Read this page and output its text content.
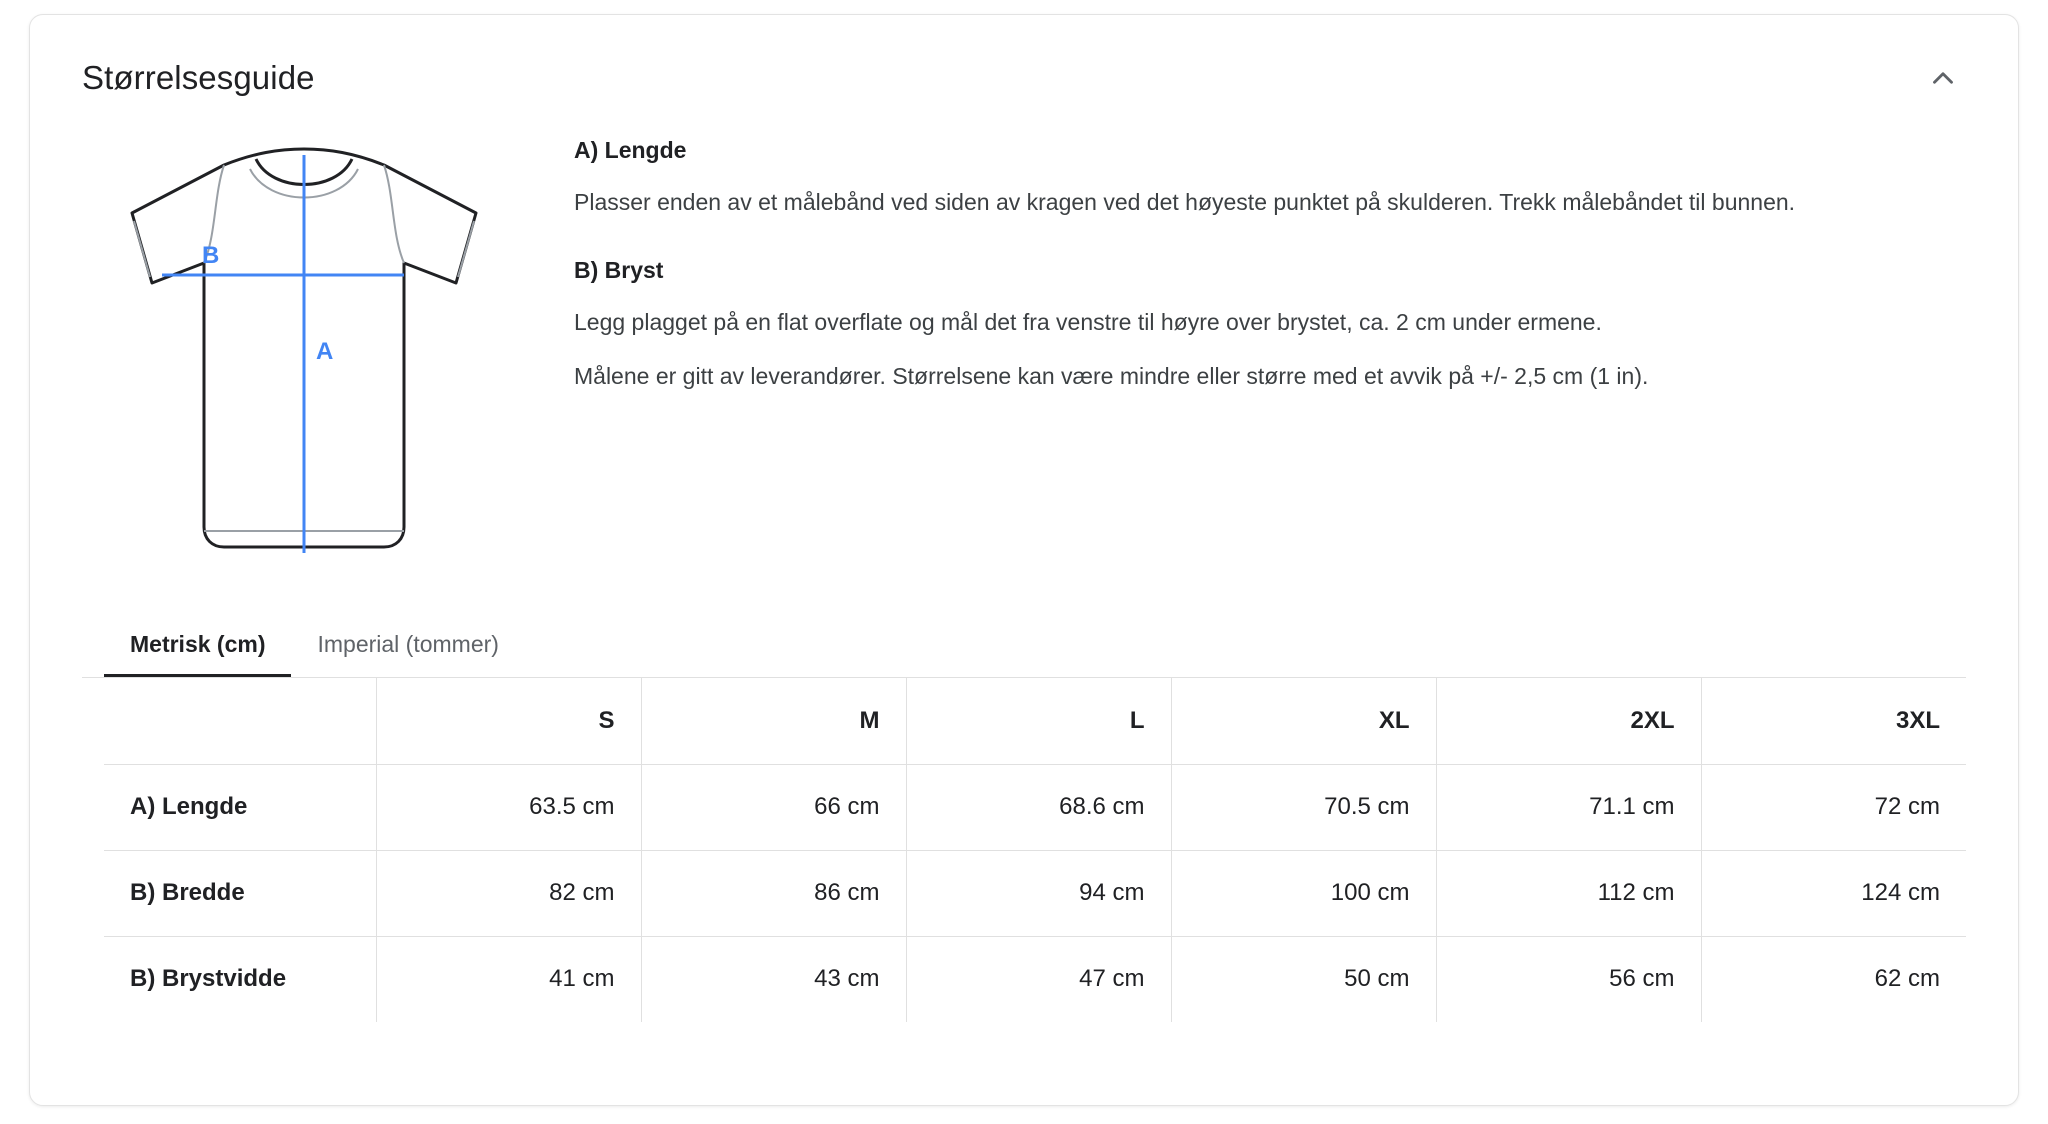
Størrelsesguide
A
B
A) Lengde

Plasser enden av et målebånd ved siden av kragen ved det høyeste punktet på skulderen. Trekk målebåndet til bunnen.

B) Bryst

Legg plagget på en flat overflate og mål det fra venstre til høyre over brystet, ca. 2 cm under ermene.

Målene er gitt av leverandører. Størrelsene kan være mindre eller større med et avvik på +/- 2,5 cm (1 in).

Metrisk (cm)	Imperial (tommer)
	S	M	L	XL	2XL	3XL
A) Lengde	63.5 cm	66 cm	68.6 cm	70.5 cm	71.1 cm	72 cm
B) Bredde	82 cm	86 cm	94 cm	100 cm	112 cm	124 cm
B) Brystvidde	41 cm	43 cm	47 cm	50 cm	56 cm	62 cm
